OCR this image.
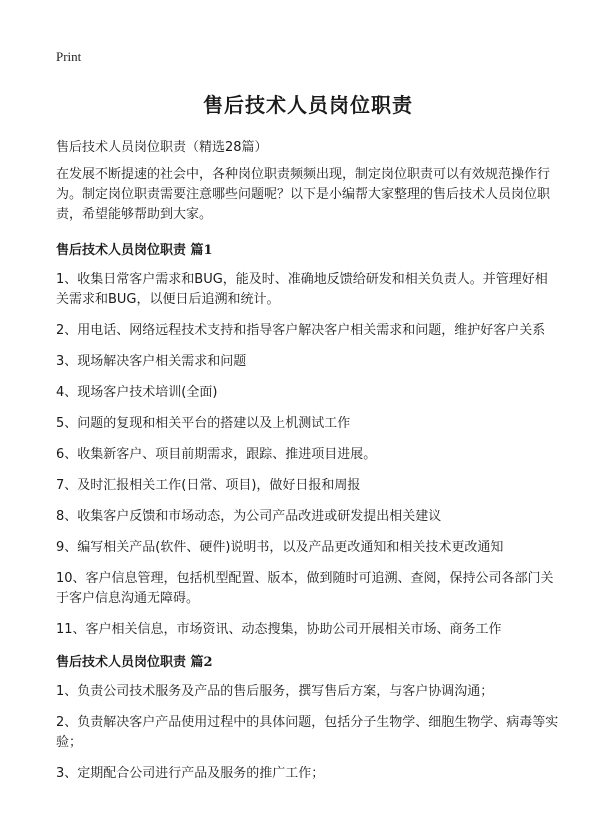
Print
售后技术人员岗位职责

售后技术人员岗位职责（精选28篇）

在发展不断提速的社会中，各种岗位职责频频出现，制定岗位职责可以有效规范操作行为。制定岗位职责需要注意哪些问题呢？以下是小编帮大家整理的售后技术人员岗位职责，希望能够帮助到大家。

售后技术人员岗位职责 篇1

1、收集日常客户需求和BUG，能及时、准确地反馈给研发和相关负责人。并管理好相关需求和BUG，以便日后追溯和统计。

2、用电话、网络远程技术支持和指导客户解决客户相关需求和问题，维护好客户关系

3、现场解决客户相关需求和问题

4、现场客户技术培训(全面)

5、问题的复现和相关平台的搭建以及上机测试工作

6、收集新客户、项目前期需求，跟踪、推进项目进展。

7、及时汇报相关工作(日常、项目)，做好日报和周报

8、收集客户反馈和市场动态，为公司产品改进或研发提出相关建议

9、编写相关产品(软件、硬件)说明书，以及产品更改通知和相关技术更改通知

10、客户信息管理，包括机型配置、版本，做到随时可追溯、查阅，保持公司各部门关于客户信息沟通无障碍。

11、客户相关信息，市场资讯、动态搜集，协助公司开展相关市场、商务工作

售后技术人员岗位职责 篇2

1、负责公司技术服务及产品的售后服务，撰写售后方案，与客户协调沟通；

2、负责解决客户产品使用过程中的具体问题，包括分子生物学、细胞生物学、病毒等实验；

3、定期配合公司进行产品及服务的推广工作；
